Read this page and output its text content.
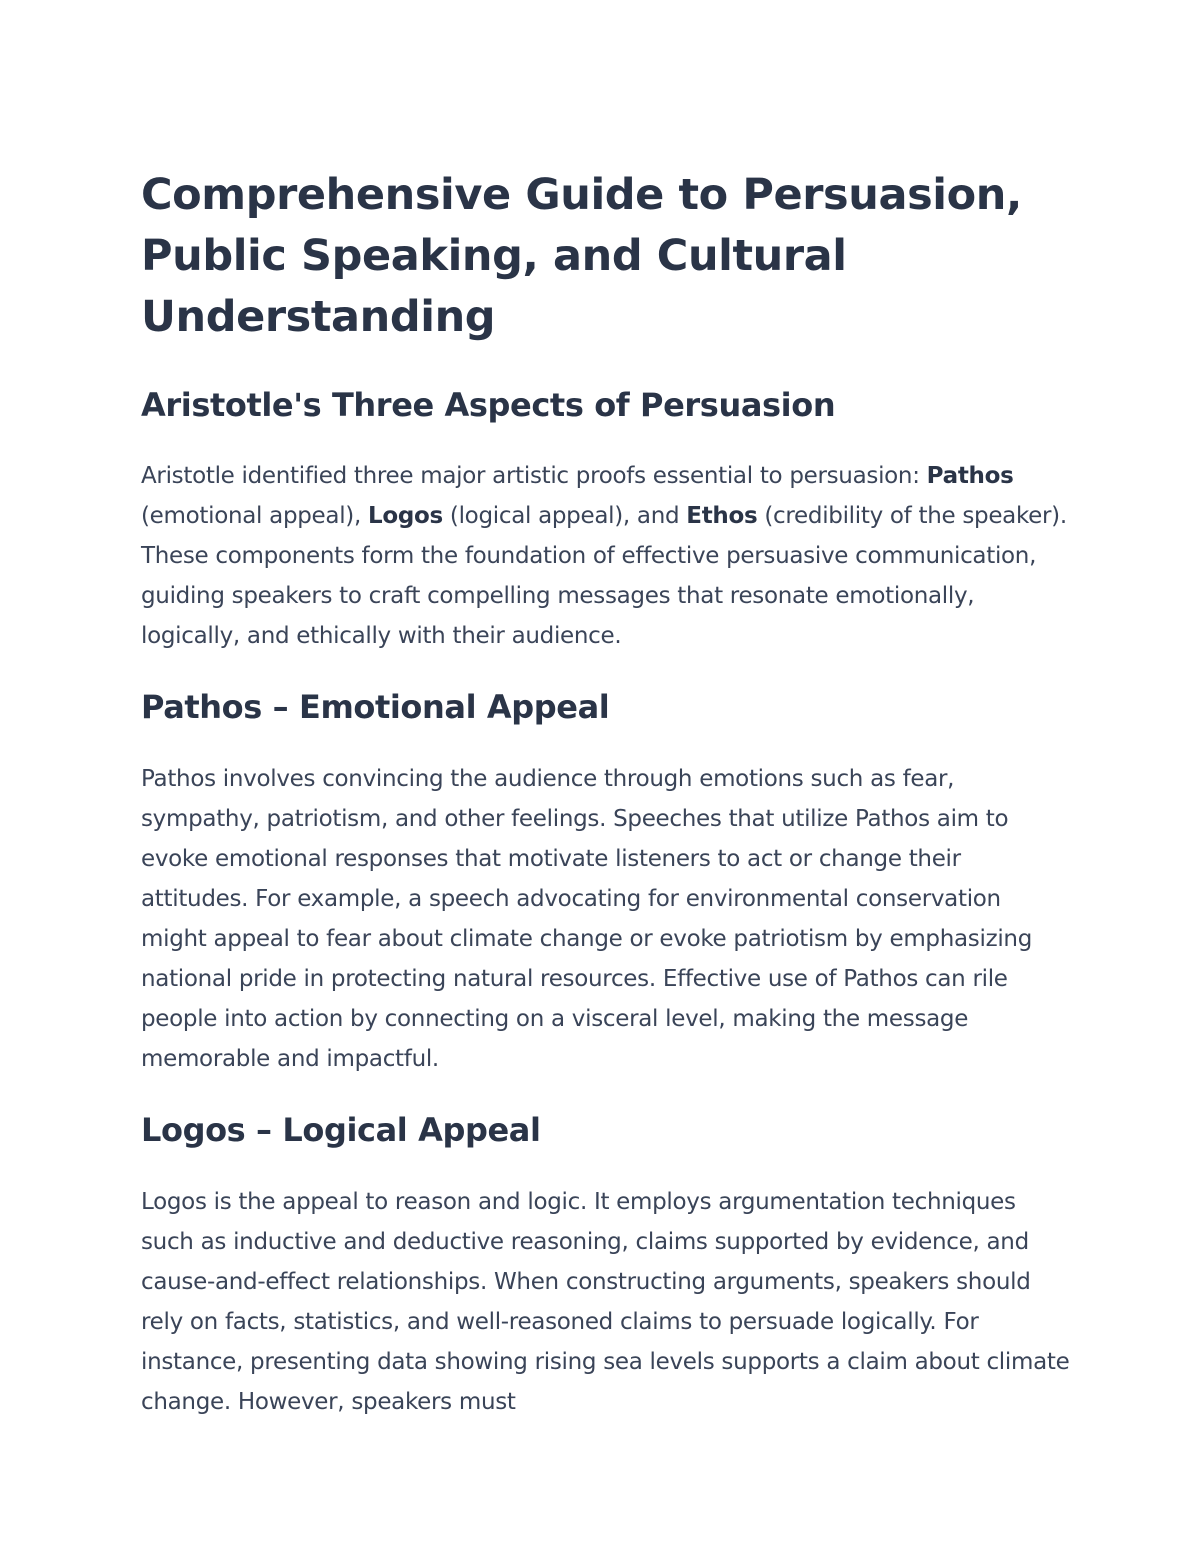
Comprehensive Guide to Persuasion, Public Speaking, and Cultural Understanding
Aristotle's Three Aspects of Persuasion

Aristotle identified three major artistic proofs essential to persuasion: Pathos (emotional appeal), Logos (logical appeal), and Ethos (credibility of the speaker). These components form the foundation of effective persuasive communication, guiding speakers to craft compelling messages that resonate emotionally, logically, and ethically with their audience.

Pathos – Emotional Appeal

Pathos involves convincing the audience through emotions such as fear, sympathy, patriotism, and other feelings. Speeches that utilize Pathos aim to evoke emotional responses that motivate listeners to act or change their attitudes. For example, a speech advocating for environmental conservation might appeal to fear about climate change or evoke patriotism by emphasizing national pride in protecting natural resources. Effective use of Pathos can rile people into action by connecting on a visceral level, making the message memorable and impactful.

Logos – Logical Appeal

Logos is the appeal to reason and logic. It employs argumentation techniques such as inductive and deductive reasoning, claims supported by evidence, and cause-and-effect relationships. When constructing arguments, speakers should rely on facts, statistics, and well-reasoned claims to persuade logically. For instance, presenting data showing rising sea levels supports a claim about climate change. However, speakers must
